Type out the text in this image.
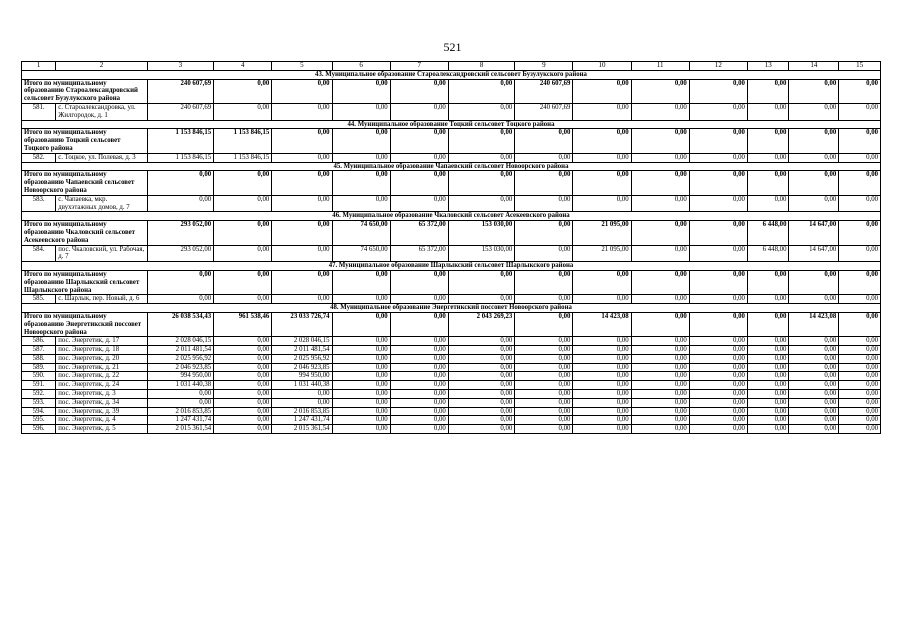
521
1	2	3	4	5	6	7	8	9	10	11	12	13	14	15
43. Муниципальное образование Староалександровский сельсовет Бузулукского района														
Итого по муниципальному образованию Староалександровский сельсовет Бузулукского района		240 607,69	0,00	0,00	0,00	0,00	0,00	240 607,69	0,00	0,00	0,00	0,00	0,00	0,00
581.	с. Староалександровка, ул. Жилгородок, д. 1	240 607,69	0,00	0,00	0,00	0,00	0,00	240 607,69	0,00	0,00	0,00	0,00	0,00	0,00
44. Муниципальное образование Тоцкий сельсовет Тоцкого района														
Итого по муниципальному образованию Тоцкий сельсовет Тоцкого района		1 153 846,15	1 153 846,15	0,00	0,00	0,00	0,00	0,00	0,00	0,00	0,00	0,00	0,00	0,00
582.	с. Тоцкое, ул. Полевая, д. 3	1 153 846,15	1 153 846,15	0,00	0,00	0,00	0,00	0,00	0,00	0,00	0,00	0,00	0,00	0,00
45. Муниципальное образование Чапаевский сельсовет Новоорского района														
Итого по муниципальному образованию Чапаевский сельсовет Новоорского района		0,00	0,00	0,00	0,00	0,00	0,00	0,00	0,00	0,00	0,00	0,00	0,00	0,00
583.	с. Чапаевка, мкр. двухэтажных домов, д. 7	0,00	0,00	0,00	0,00	0,00	0,00	0,00	0,00	0,00	0,00	0,00	0,00	0,00
46. Муниципальное образование Чкаловский сельсовет Асекеевского района														
Итого по муниципальному образованию Чкаловский сельсовет Асекеевского района		293 052,00	0,00	0,00	74 650,00	65 372,00	153 030,00	0,00	21 095,00	0,00	0,00	6 448,00	14 647,00	0,00
584.	пос. Чкаловский, ул. Рабочая, д. 7	293 052,00	0,00	0,00	74 650,00	65 372,00	153 030,00	0,00	21 095,00	0,00	0,00	6 448,00	14 647,00	0,00
47. Муниципальное образование Шарлыкский сельсовет Шарлыкского района														
Итого по муниципальному образованию Шарлыкский сельсовет Шарлыкского района		0,00	0,00	0,00	0,00	0,00	0,00	0,00	0,00	0,00	0,00	0,00	0,00	0,00
585.	с. Шарлык, пер. Новый, д. 6	0,00	0,00	0,00	0,00	0,00	0,00	0,00	0,00	0,00	0,00	0,00	0,00	0,00
48. Муниципальное образование Энергетикский поссовет Новоорского района														
Итого по муниципальному образованию Энергетикский поссовет Новоорского района		26 038 534,43	961 538,46	23 033 726,74	0,00	0,00	2 043 269,23	0,00	14 423,08	0,00	0,00	0,00	14 423,08	0,00
586.	пос. Энергетик, д. 17	2 028 046,15	0,00	2 028 046,15	0,00	0,00	0,00	0,00	0,00	0,00	0,00	0,00	0,00	0,00
587.	пос. Энергетик, д. 18	2 011 481,54	0,00	2 011 481,54	0,00	0,00	0,00	0,00	0,00	0,00	0,00	0,00	0,00	0,00
588.	пос. Энергетик, д. 20	2 025 956,92	0,00	2 025 956,92	0,00	0,00	0,00	0,00	0,00	0,00	0,00	0,00	0,00	0,00
589.	пос. Энергетик, д. 21	2 046 923,85	0,00	2 046 923,85	0,00	0,00	0,00	0,00	0,00	0,00	0,00	0,00	0,00	0,00
590.	пос. Энергетик, д. 22	994 950,00	0,00	994 950,00	0,00	0,00	0,00	0,00	0,00	0,00	0,00	0,00	0,00	0,00
591.	пос. Энергетик, д. 24	1 031 440,38	0,00	1 031 440,38	0,00	0,00	0,00	0,00	0,00	0,00	0,00	0,00	0,00	0,00
592.	пос. Энергетик, д. 3	0,00	0,00	0,00	0,00	0,00	0,00	0,00	0,00	0,00	0,00	0,00	0,00	0,00
593.	пос. Энергетик, д. 34	0,00	0,00	0,00	0,00	0,00	0,00	0,00	0,00	0,00	0,00	0,00	0,00	0,00
594.	пос. Энергетик, д. 39	2 016 853,85	0,00	2 016 853,85	0,00	0,00	0,00	0,00	0,00	0,00	0,00	0,00	0,00	0,00
595.	пос. Энергетик, д. 4	1 247 431,74	0,00	1 247 431,74	0,00	0,00	0,00	0,00	0,00	0,00	0,00	0,00	0,00	0,00
596.	пос. Энергетик, д. 5	2 015 361,54	0,00	2 015 361,54	0,00	0,00	0,00	0,00	0,00	0,00	0,00	0,00	0,00	0,00
